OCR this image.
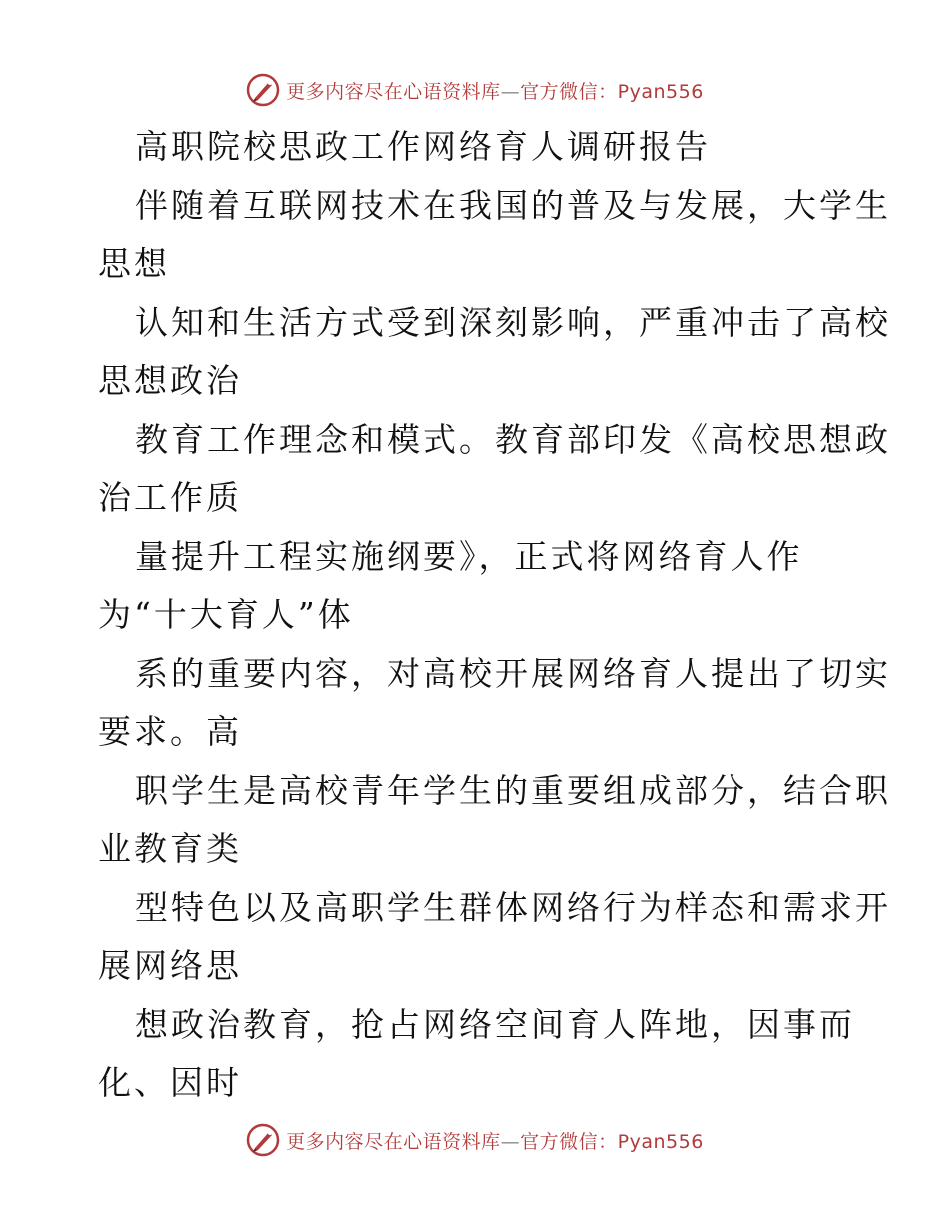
更多内容尽在心语资料库—官方微信：Pyan556
高职院校思政工作网络育人调研报告
伴随着互联网技术在我国的普及与发展，大学生
思想
认知和生活方式受到深刻影响，严重冲击了高校
思想政治
教育工作理念和模式。教育部印发《高校思想政
治工作质
量提升工程实施纲要》，正式将网络育人作
为“十大育人”体
系的重要内容，对高校开展网络育人提出了切实
要求。高
职学生是高校青年学生的重要组成部分，结合职
业教育类
型特色以及高职学生群体网络行为样态和需求开
展网络思
想政治教育，抢占网络空间育人阵地，因事而
化、因时
更多内容尽在心语资料库—官方微信：Pyan556
